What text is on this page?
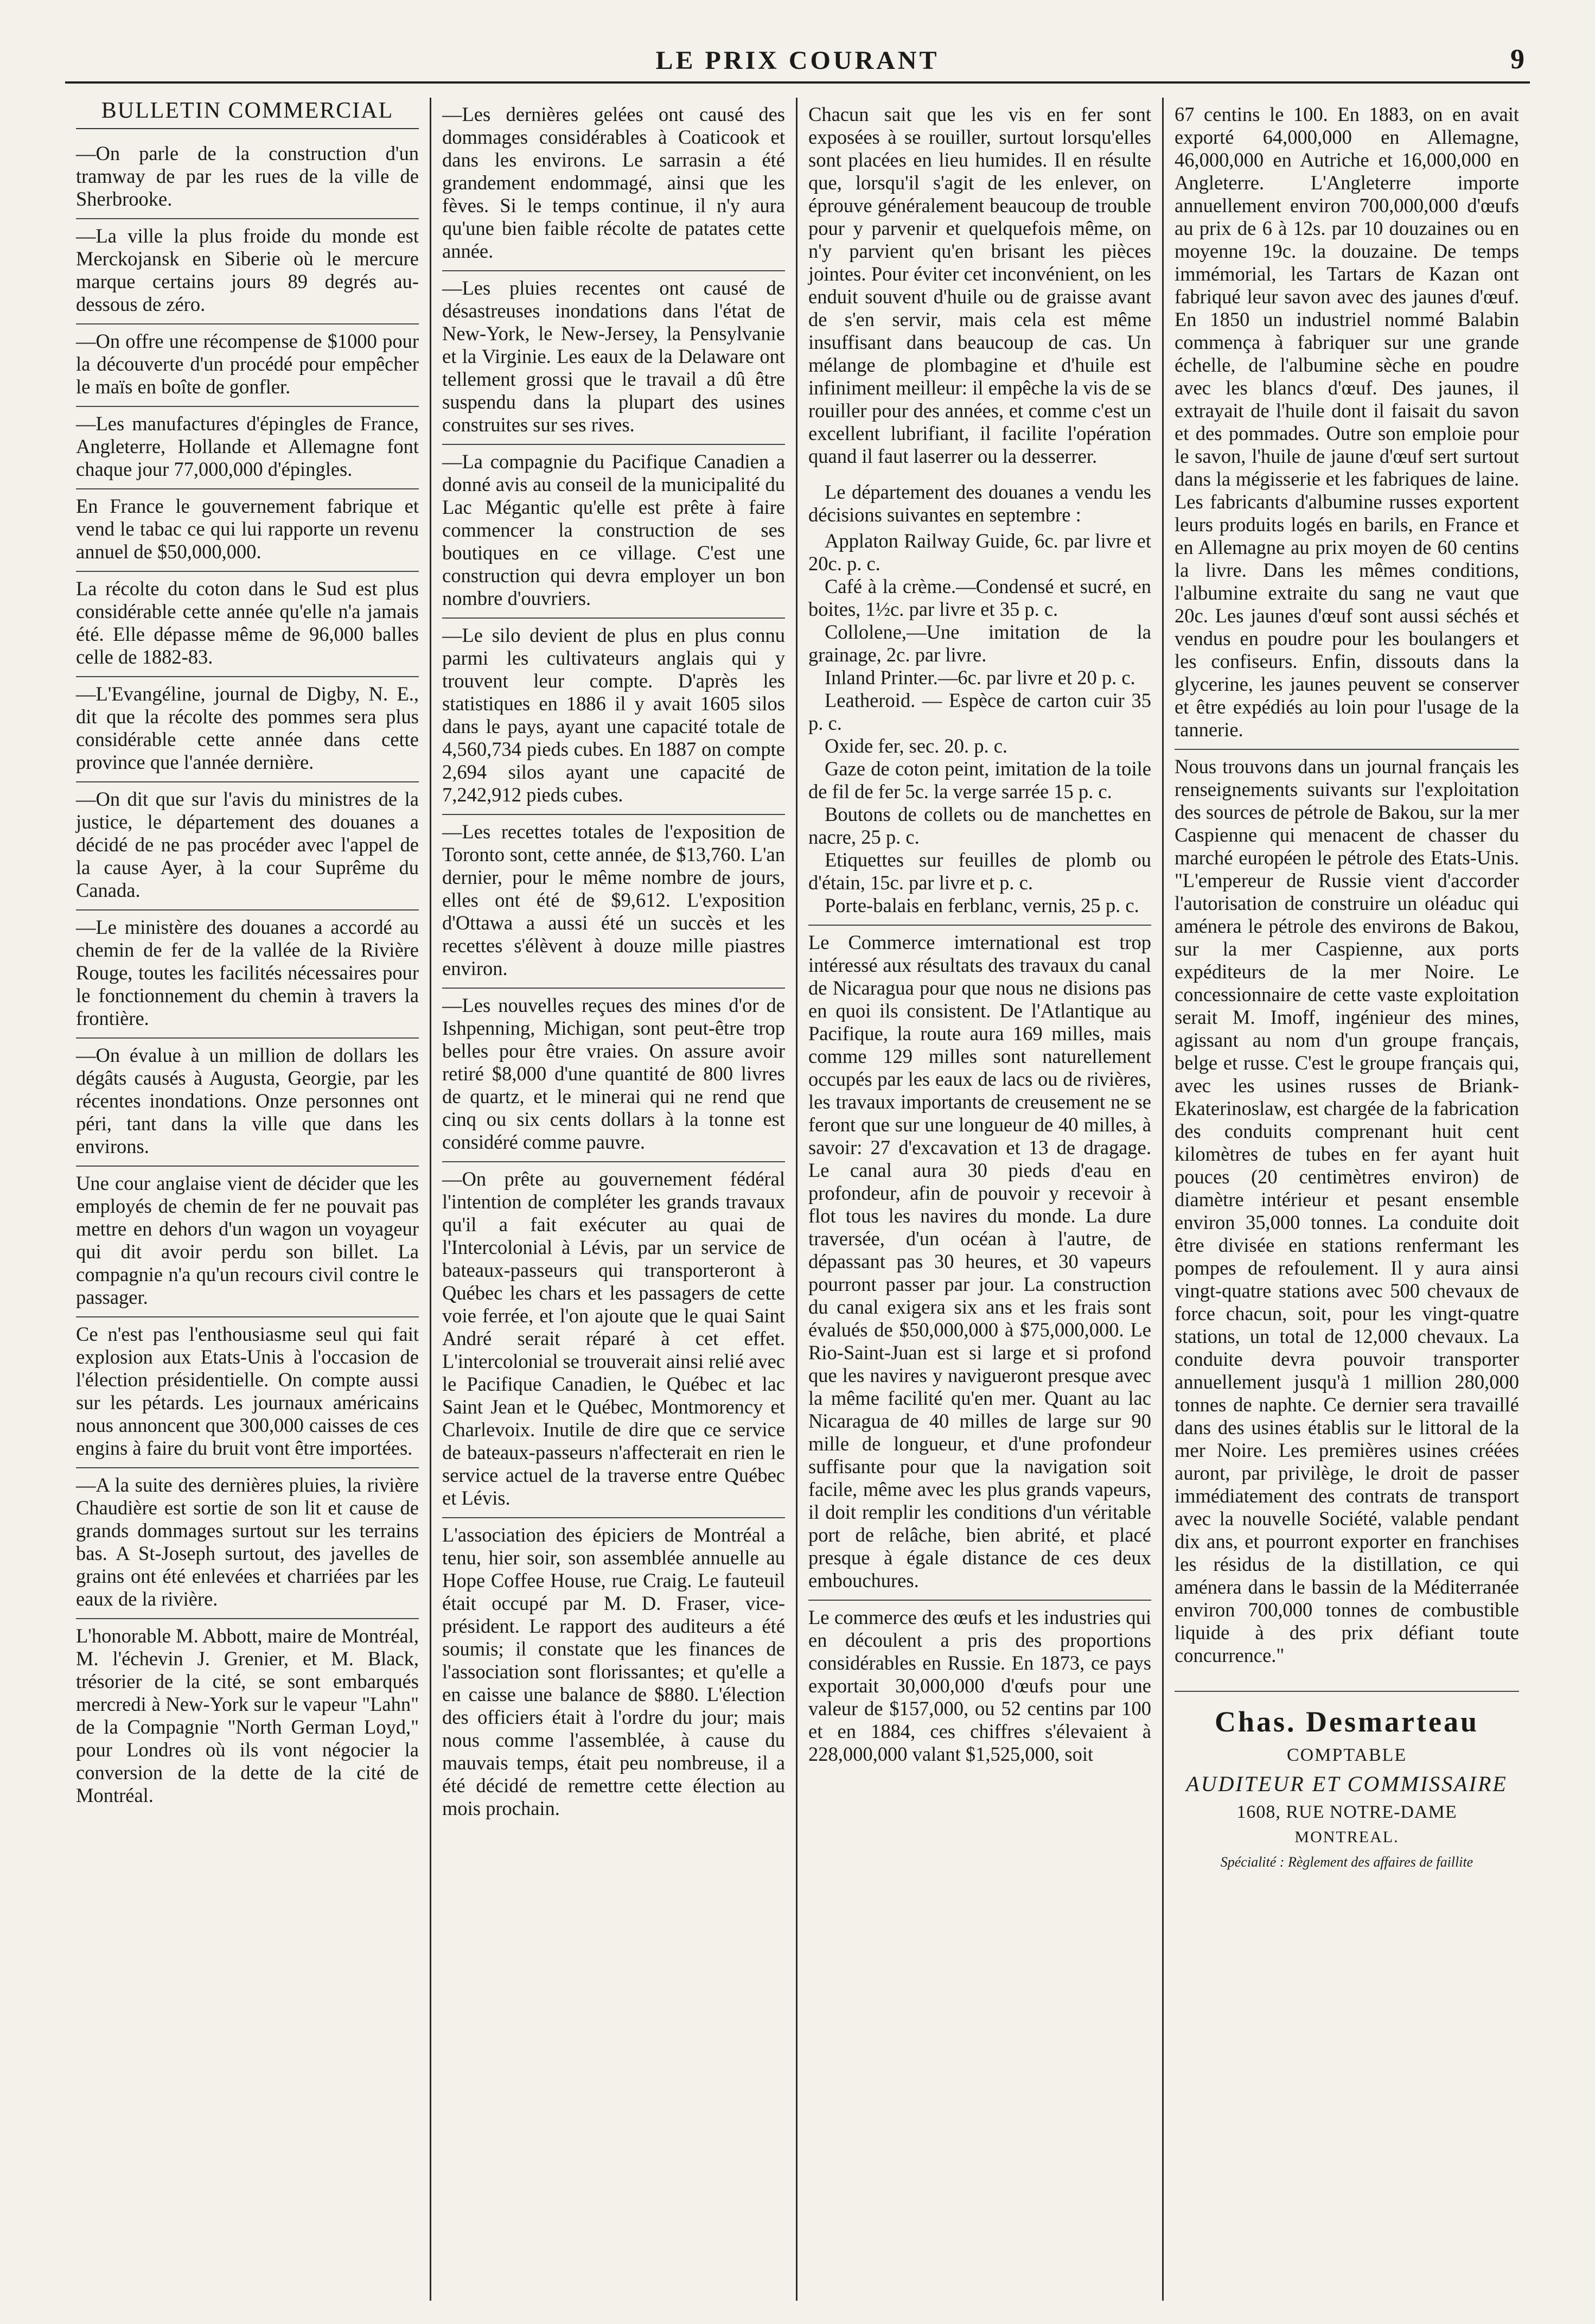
LE PRIX COURANT	9
BULLETIN COMMERCIAL

—On parle de la construction d'un tramway de par les rues de la ville de Sherbrooke.

—La ville la plus froide du monde est Merckojansk en Siberie où le mercure marque certains jours 89 degrés au-dessous de zéro.

—On offre une récompense de $1000 pour la découverte d'un procédé pour empêcher le maïs en boîte de gonfler.

—Les manufactures d'épingles de France, Angleterre, Hollande et Allemagne font chaque jour 77,000,000 d'épingles.

En France le gouvernement fabrique et vend le tabac ce qui lui rapporte un revenu annuel de $50,000,000.

La récolte du coton dans le Sud est plus considérable cette année qu'elle n'a jamais été. Elle dépasse même de 96,000 balles celle de 1882-83.

—L'Evangéline, journal de Digby, N. E., dit que la récolte des pommes sera plus considérable cette année dans cette province que l'année dernière.

—On dit que sur l'avis du ministres de la justice, le département des douanes a décidé de ne pas procéder avec l'appel de la cause Ayer, à la cour Suprême du Canada.

—Le ministère des douanes a accordé au chemin de fer de la vallée de la Rivière Rouge, toutes les facilités nécessaires pour le fonctionnement du chemin à travers la frontière.

—On évalue à un million de dollars les dégâts causés à Augusta, Georgie, par les récentes inondations. Onze personnes ont péri, tant dans la ville que dans les environs.

Une cour anglaise vient de décider que les employés de chemin de fer ne pouvait pas mettre en dehors d'un wagon un voyageur qui dit avoir perdu son billet. La compagnie n'a qu'un recours civil contre le passager.

Ce n'est pas l'enthousiasme seul qui fait explosion aux Etats-Unis à l'occasion de l'élection présidentielle. On compte aussi sur les pétards. Les journaux américains nous annoncent que 300,000 caisses de ces engins à faire du bruit vont être importées.

—A la suite des dernières pluies, la rivière Chaudière est sortie de son lit et cause de grands dommages surtout sur les terrains bas. A St-Joseph surtout, des javelles de grains ont été enlevées et charriées par les eaux de la rivière.

L'honorable M. Abbott, maire de Montréal, M. l'échevin J. Grenier, et M. Black, trésorier de la cité, se sont embarqués mercredi à New-York sur le vapeur "Lahn" de la Compagnie "North German Loyd," pour Londres où ils vont négocier la conversion de la dette de la cité de Montréal.

—Les dernières gelées ont causé des dommages considérables à Coaticook et dans les environs. Le sarrasin a été grandement endommagé, ainsi que les fèves. Si le temps continue, il n'y aura qu'une bien faible récolte de patates cette année.

—Les pluies recentes ont causé de désastreuses inondations dans l'état de New-York, le New-Jersey, la Pensylvanie et la Virginie. Les eaux de la Delaware ont tellement grossi que le travail a dû être suspendu dans la plupart des usines construites sur ses rives.

—La compagnie du Pacifique Canadien a donné avis au conseil de la municipalité du Lac Mégantic qu'elle est prête à faire commencer la construction de ses boutiques en ce village. C'est une construction qui devra employer un bon nombre d'ouvriers.

—Le silo devient de plus en plus connu parmi les cultivateurs anglais qui y trouvent leur compte. D'après les statistiques en 1886 il y avait 1605 silos dans le pays, ayant une capacité totale de 4,560,734 pieds cubes. En 1887 on compte 2,694 silos ayant une capacité de 7,242,912 pieds cubes.

—Les recettes totales de l'exposition de Toronto sont, cette année, de $13,760. L'an dernier, pour le même nombre de jours, elles ont été de $9,612. L'exposition d'Ottawa a aussi été un succès et les recettes s'élèvent à douze mille piastres environ.

—Les nouvelles reçues des mines d'or de Ishpenning, Michigan, sont peut-être trop belles pour être vraies. On assure avoir retiré $8,000 d'une quantité de 800 livres de quartz, et le minerai qui ne rend que cinq ou six cents dollars à la tonne est considéré comme pauvre.

—On prête au gouvernement fédéral l'intention de compléter les grands travaux qu'il a fait exécuter au quai de l'Intercolonial à Lévis, par un service de bateaux-passeurs qui transporteront à Québec les chars et les passagers de cette voie ferrée, et l'on ajoute que le quai Saint André serait réparé à cet effet. L'intercolonial se trouverait ainsi relié avec le Pacifique Canadien, le Québec et lac Saint Jean et le Québec, Montmorency et Charlevoix. Inutile de dire que ce service de bateaux-passeurs n'affecterait en rien le service actuel de la traverse entre Québec et Lévis.

L'association des épiciers de Montréal a tenu, hier soir, son assemblée annuelle au Hope Coffee House, rue Craig. Le fauteuil était occupé par M. D. Fraser, vice-président. Le rapport des auditeurs a été soumis; il constate que les finances de l'association sont florissantes; et qu'elle a en caisse une balance de $880. L'élection des officiers était à l'ordre du jour; mais nous comme l'assemblée, à cause du mauvais temps, était peu nombreuse, il a été décidé de remettre cette élection au mois prochain.

Chacun sait que les vis en fer sont exposées à se rouiller, surtout lorsqu'elles sont placées en lieu humides. Il en résulte que, lorsqu'il s'agit de les enlever, on éprouve généralement beaucoup de trouble pour y parvenir et quelquefois même, on n'y parvient qu'en brisant les pièces jointes. Pour éviter cet inconvénient, on les enduit souvent d'huile ou de graisse avant de s'en servir, mais cela est même insuffisant dans beaucoup de cas. Un mélange de plombagine et d'huile est infiniment meilleur: il empêche la vis de se rouiller pour des années, et comme c'est un excellent lubrifiant, il facilite l'opération quand il faut laserrer ou la desserrer.

Le département des douanes a vendu les décisions suivantes en septembre :

Applaton Railway Guide, 6c. par livre et 20c. p. c.
Café à la crème.—Condensé et sucré, en boites, 1½c. par livre et 35 p. c.
Collolene,—Une imitation de la grainage, 2c. par livre.
Inland Printer.—6c. par livre et 20 p. c.
Leatheroid. — Espèce de carton cuir 35 p. c.
Oxide fer, sec. 20. p. c.
Gaze de coton peint, imitation de la toile de fil de fer 5c. la verge sarrée 15 p. c.
Boutons de collets ou de manchettes en nacre, 25 p. c.
Etiquettes sur feuilles de plomb ou d'étain, 15c. par livre et p. c.
Porte-balais en ferblanc, vernis, 25 p. c.

Le Commerce imternational est trop intéressé aux résultats des travaux du canal de Nicaragua pour que nous ne disions pas en quoi ils consistent. De l'Atlantique au Pacifique, la route aura 169 milles, mais comme 129 milles sont naturellement occupés par les eaux de lacs ou de rivières, les travaux importants de creusement ne se feront que sur une longueur de 40 milles, à savoir: 27 d'excavation et 13 de dragage. Le canal aura 30 pieds d'eau en profondeur, afin de pouvoir y recevoir à flot tous les navires du monde. La dure traversée, d'un océan à l'autre, de dépassant pas 30 heures, et 30 vapeurs pourront passer par jour. La construction du canal exigera six ans et les frais sont évalués de $50,000,000 à $75,000,000. Le Rio-Saint-Juan est si large et si profond que les navires y navigueront presque avec la même facilité qu'en mer. Quant au lac Nicaragua de 40 milles de large sur 90 mille de longueur, et d'une profondeur suffisante pour que la navigation soit facile, même avec les plus grands vapeurs, il doit remplir les conditions d'un véritable port de relâche, bien abrité, et placé presque à égale distance de ces deux embouchures.

Le commerce des œufs et les industries qui en découlent a pris des proportions considérables en Russie. En 1873, ce pays exportait 30,000,000 d'œufs pour une valeur de $157,000, ou 52 centins par 100 et en 1884, ces chiffres s'élevaient à 228,000,000 valant $1,525,000, soit

67 centins le 100. En 1883, on en avait exporté 64,000,000 en Allemagne, 46,000,000 en Autriche et 16,000,000 en Angleterre. L'Angleterre importe annuellement environ 700,000,000 d'œufs au prix de 6 à 12s. par 10 douzaines ou en moyenne 19c. la douzaine. De temps immémorial, les Tartars de Kazan ont fabriqué leur savon avec des jaunes d'œuf. En 1850 un industriel nommé Balabin commença à fabriquer sur une grande échelle, de l'albumine sèche en poudre avec les blancs d'œuf. Des jaunes, il extrayait de l'huile dont il faisait du savon et des pommades. Outre son emploie pour le savon, l'huile de jaune d'œuf sert surtout dans la mégisserie et les fabriques de laine. Les fabricants d'albumine russes exportent leurs produits logés en barils, en France et en Allemagne au prix moyen de 60 centins la livre. Dans les mêmes conditions, l'albumine extraite du sang ne vaut que 20c. Les jaunes d'œuf sont aussi séchés et vendus en poudre pour les boulangers et les confiseurs. Enfin, dissouts dans la glycerine, les jaunes peuvent se conserver et être expédiés au loin pour l'usage de la tannerie.

Nous trouvons dans un journal français les renseignements suivants sur l'exploitation des sources de pétrole de Bakou, sur la mer Caspienne qui menacent de chasser du marché européen le pétrole des Etats-Unis. "L'empereur de Russie vient d'accorder l'autorisation de construire un oléaduc qui aménera le pétrole des environs de Bakou, sur la mer Caspienne, aux ports expéditeurs de la mer Noire. Le concessionnaire de cette vaste exploitation serait M. Imoff, ingénieur des mines, agissant au nom d'un groupe français, belge et russe. C'est le groupe français qui, avec les usines russes de Briank-Ekaterinoslaw, est chargée de la fabrication des conduits comprenant huit cent kilomètres de tubes en fer ayant huit pouces (20 centimètres environ) de diamètre intérieur et pesant ensemble environ 35,000 tonnes. La conduite doit être divisée en stations renfermant les pompes de refoulement. Il y aura ainsi vingt-quatre stations avec 500 chevaux de force chacun, soit, pour les vingt-quatre stations, un total de 12,000 chevaux. La conduite devra pouvoir transporter annuellement jusqu'à 1 million 280,000 tonnes de naphte. Ce dernier sera travaillé dans des usines établis sur le littoral de la mer Noire. Les premières usines créées auront, par privilège, le droit de passer immédiatement des contrats de transport avec la nouvelle Société, valable pendant dix ans, et pourront exporter en franchises les résidus de la distillation, ce qui aménera dans le bassin de la Méditerranée environ 700,000 tonnes de combustible liquide à des prix défiant toute concurrence."

Chas. Desmarteau
COMPTABLE
AUDITEUR ET COMMISSAIRE
1608, RUE NOTRE-DAME
MONTREAL.
Spécialité : Règlement des affaires de faillite
